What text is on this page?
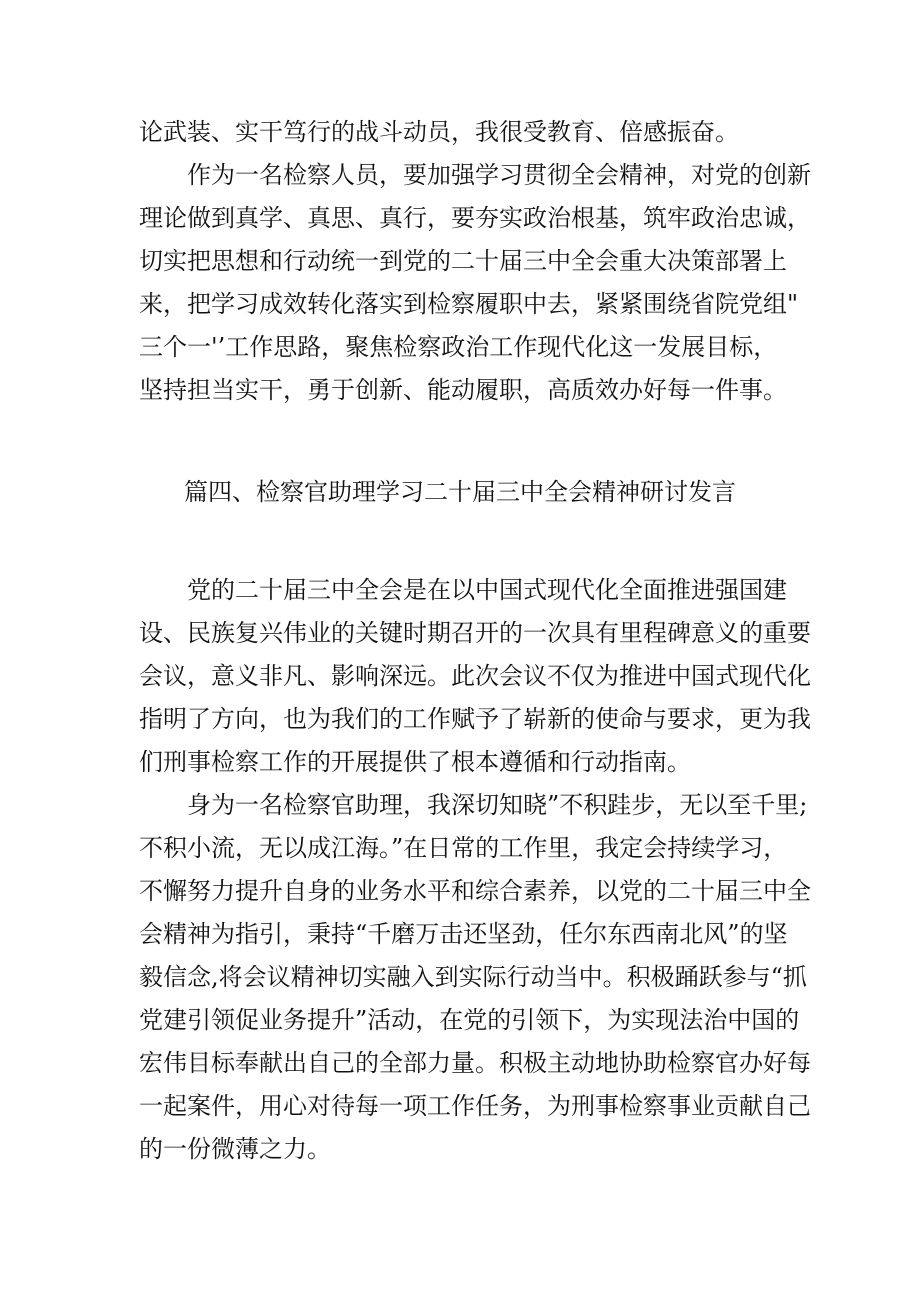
论武装、实干笃行的战斗动员，我很受教育、倍感振奋。
　　作为一名检察人员，要加强学习贯彻全会精神，对党的创新
理论做到真学、真思、真行，要夯实政治根基，筑牢政治忠诚，
切实把思想和行动统一到党的二十届三中全会重大决策部署上
来，把学习成效转化落实到检察履职中去，紧紧围绕省院党组"
三个一'’工作思路，聚焦检察政治工作现代化这一发展目标，
坚持担当实干，勇于创新、能动履职，高质效办好每一件事。
篇四、检察官助理学习二十届三中全会精神研讨发言
　　党的二十届三中全会是在以中国式现代化全面推进强国建
设、民族复兴伟业的关键时期召开的一次具有里程碑意义的重要
会议，意义非凡、影响深远。此次会议不仅为推进中国式现代化
指明了方向，也为我们的工作赋予了崭新的使命与要求，更为我
们刑事检察工作的开展提供了根本遵循和行动指南。
　　身为一名检察官助理，我深切知晓”不积跬步，无以至千里;
不积小流，无以成江海。”在日常的工作里，我定会持续学习，
不懈努力提升自身的业务水平和综合素养，以党的二十届三中全
会精神为指引，秉持“千磨万击还坚劲，任尔东西南北风”的坚
毅信念,将会议精神切实融入到实际行动当中。积极踊跃参与“抓
党建引领促业务提升”活动，在党的引领下，为实现法治中国的
宏伟目标奉献出自己的全部力量。积极主动地协助检察官办好每
一起案件，用心对待每一项工作任务，为刑事检察事业贡献自己
的一份微薄之力。
